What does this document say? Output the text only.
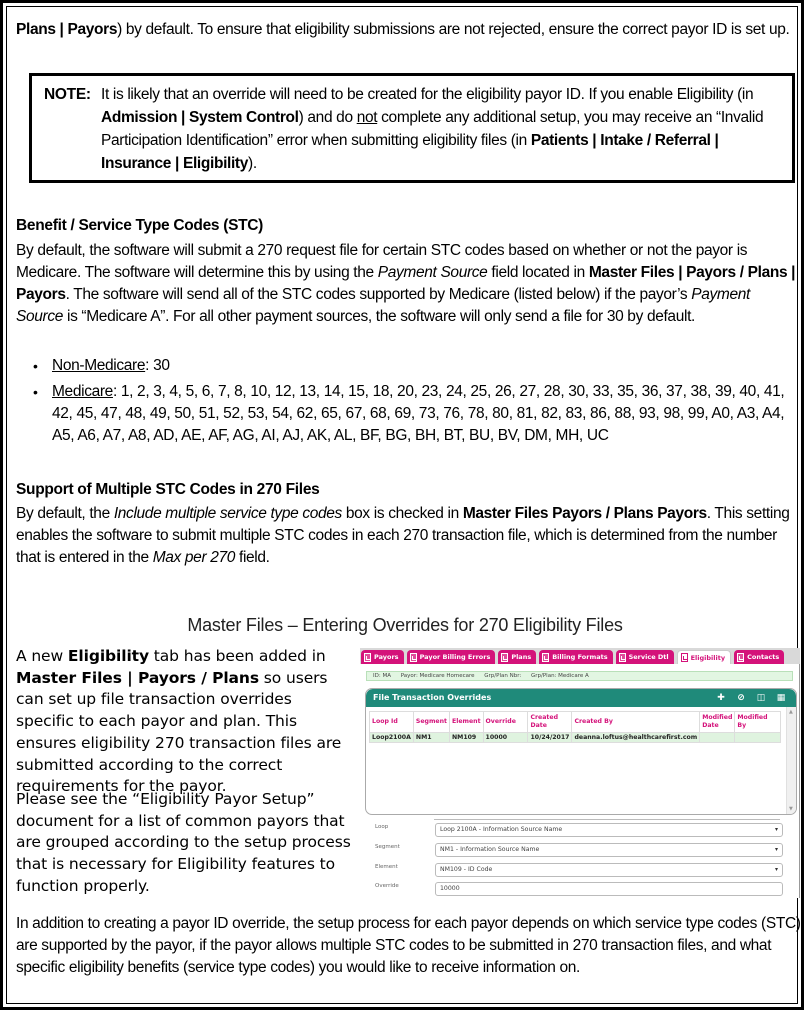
Plans | Payors) by default. To ensure that eligibility submissions are not rejected, ensure the correct payor ID is set up.
NOTE: It is likely that an override will need to be created for the eligibility payor ID. If you enable Eligibility (in Admission | System Control) and do not complete any additional setup, you may receive an “Invalid Participation Identification” error when submitting eligibility files (in Patients | Intake / Referral | Insurance | Eligibility).
Benefit / Service Type Codes (STC)
By default, the software will submit a 270 request file for certain STC codes based on whether or not the payor is Medicare. The software will determine this by using the Payment Source field located in Master Files | Payors / Plans | Payors. The software will send all of the STC codes supported by Medicare (listed below) if the payor’s Payment Source is “Medicare A”. For all other payment sources, the software will only send a file for 30 by default.
• Non-Medicare: 30
• Medicare: 1, 2, 3, 4, 5, 6, 7, 8, 10, 12, 13, 14, 15, 18, 20, 23, 24, 25, 26, 27, 28, 30, 33, 35, 36, 37, 38, 39, 40, 41, 42, 45, 47, 48, 49, 50, 51, 52, 53, 54, 62, 65, 67, 68, 69, 73, 76, 78, 80, 81, 82, 83, 86, 88, 93, 98, 99, A0, A3, A4, A5, A6, A7, A8, AD, AE, AF, AG, AI, AJ, AK, AL, BF, BG, BH, BT, BU, BV, DM, MH, UC
Support of Multiple STC Codes in 270 Files
By default, the Include multiple service type codes box is checked in Master Files Payors / Plans Payors. This setting enables the software to submit multiple STC codes in each 270 transaction file, which is determined from the number that is entered in the Max per 270 field.
Master Files – Entering Overrides for 270 Eligibility Files
A new Eligibility tab has been added in Master Files | Payors / Plans so users can set up file transaction overrides specific to each payor and plan. This ensures eligibility 270 transaction files are submitted according to the correct requirements for the payor.
Please see the “Eligibility Payor Setup” document for a list of common payors that are grouped according to the setup process that is necessary for Eligibility features to function properly.
Payors	Payor Billing Errors	Plans	Billing Formats	Service Dtl	Eligibility	Contacts
ID: MA Payor: Medicare Homecare Grp/Plan Nbr: Grp/Plan: Medicare A
File Transaction Overrides	✚ ⊘ ◫ ▦
Loop Id	Segment	Element	Override	Created Date	Created By	Modified Date	Modified By
Loop2100A	NM1	NM109	10000	10/24/2017	deanna.loftus@healthcarefirst.com		
▲
▼
Loop	Loop 2100A - Information Source Name	▾
Segment	NM1 - Information Source Name	▾
Element	NM109 - ID Code	▾
Override	10000
In addition to creating a payor ID override, the setup process for each payor depends on which service type codes (STC) are supported by the payor, if the payor allows multiple STC codes to be submitted in 270 transaction files, and what specific eligibility benefits (service type codes) you would like to receive information on.
